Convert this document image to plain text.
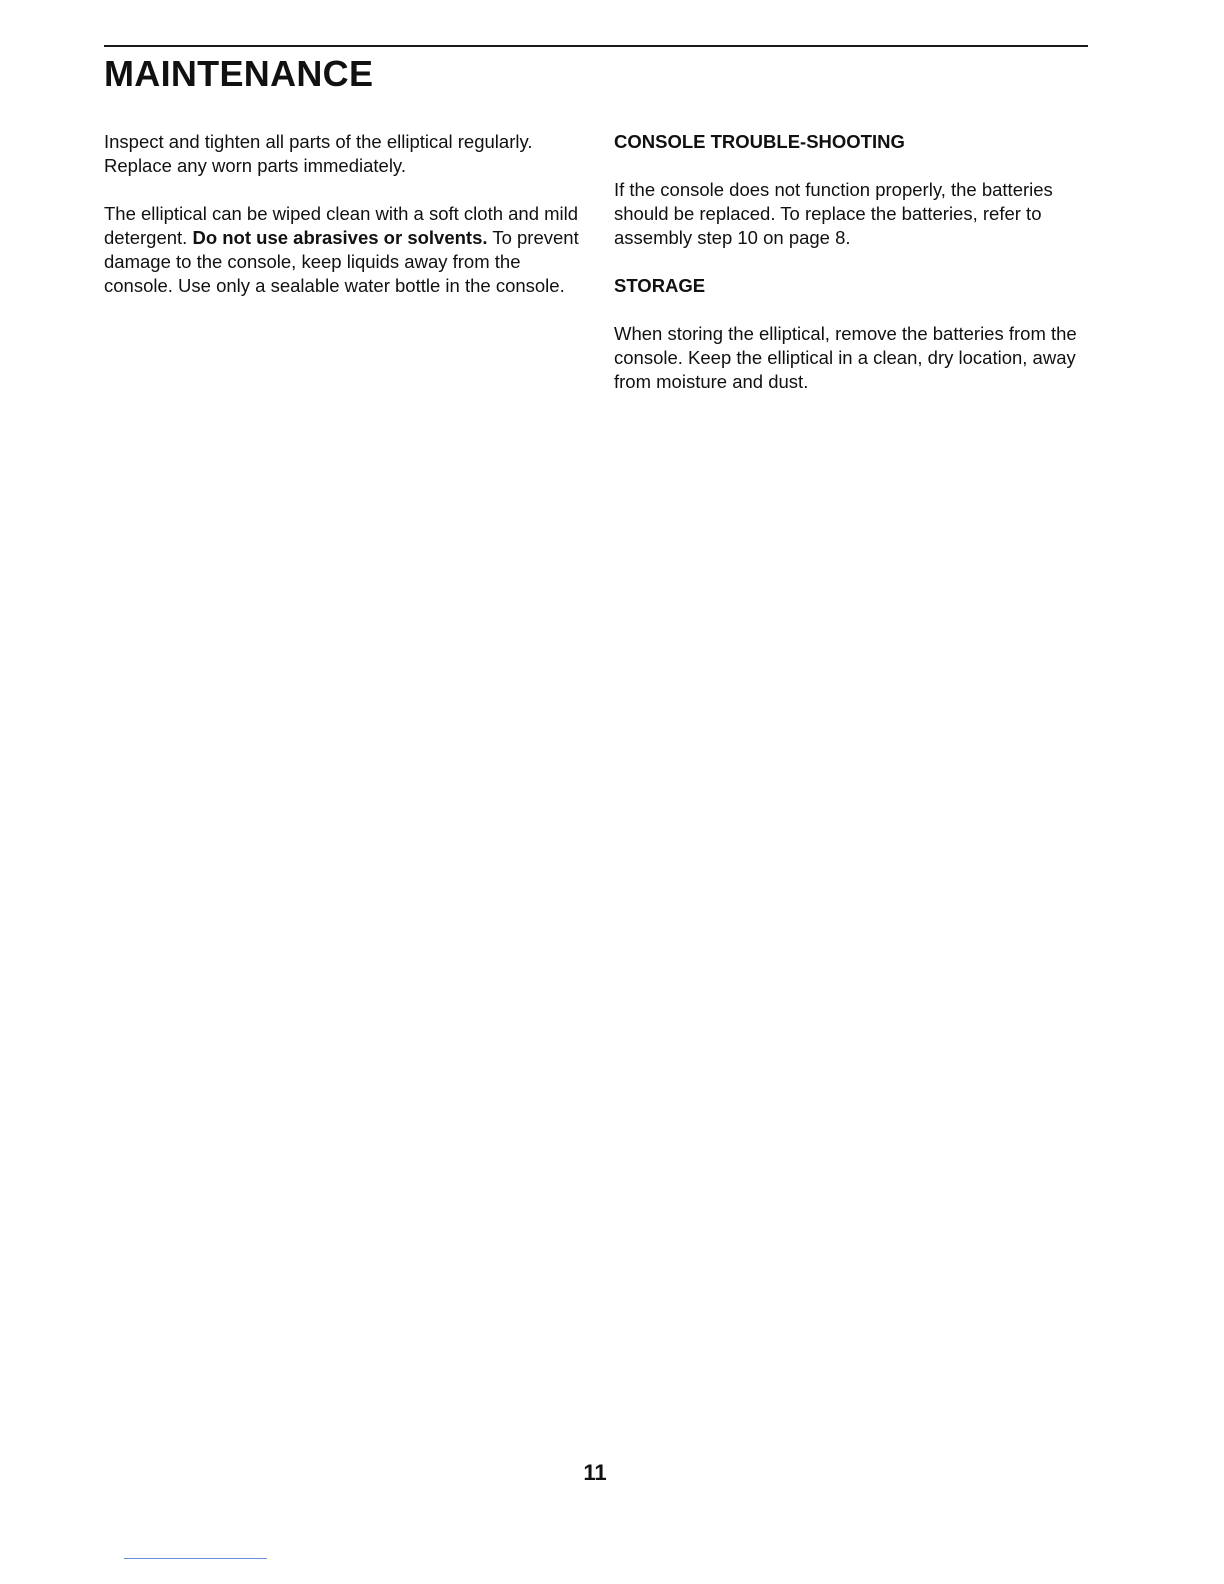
MAINTENANCE

Inspect and tighten all parts of the elliptical regularly. Replace any worn parts immediately.

The elliptical can be wiped clean with a soft cloth and mild detergent. Do not use abrasives or solvents. To prevent damage to the console, keep liquids away from the console. Use only a sealable water bottle in the console.

CONSOLE TROUBLE-SHOOTING

If the console does not function properly, the batteries should be replaced. To replace the batteries, refer to assembly step 10 on page 8.

STORAGE

When storing the elliptical, remove the batteries from the console. Keep the elliptical in a clean, dry location, away from moisture and dust.

11
